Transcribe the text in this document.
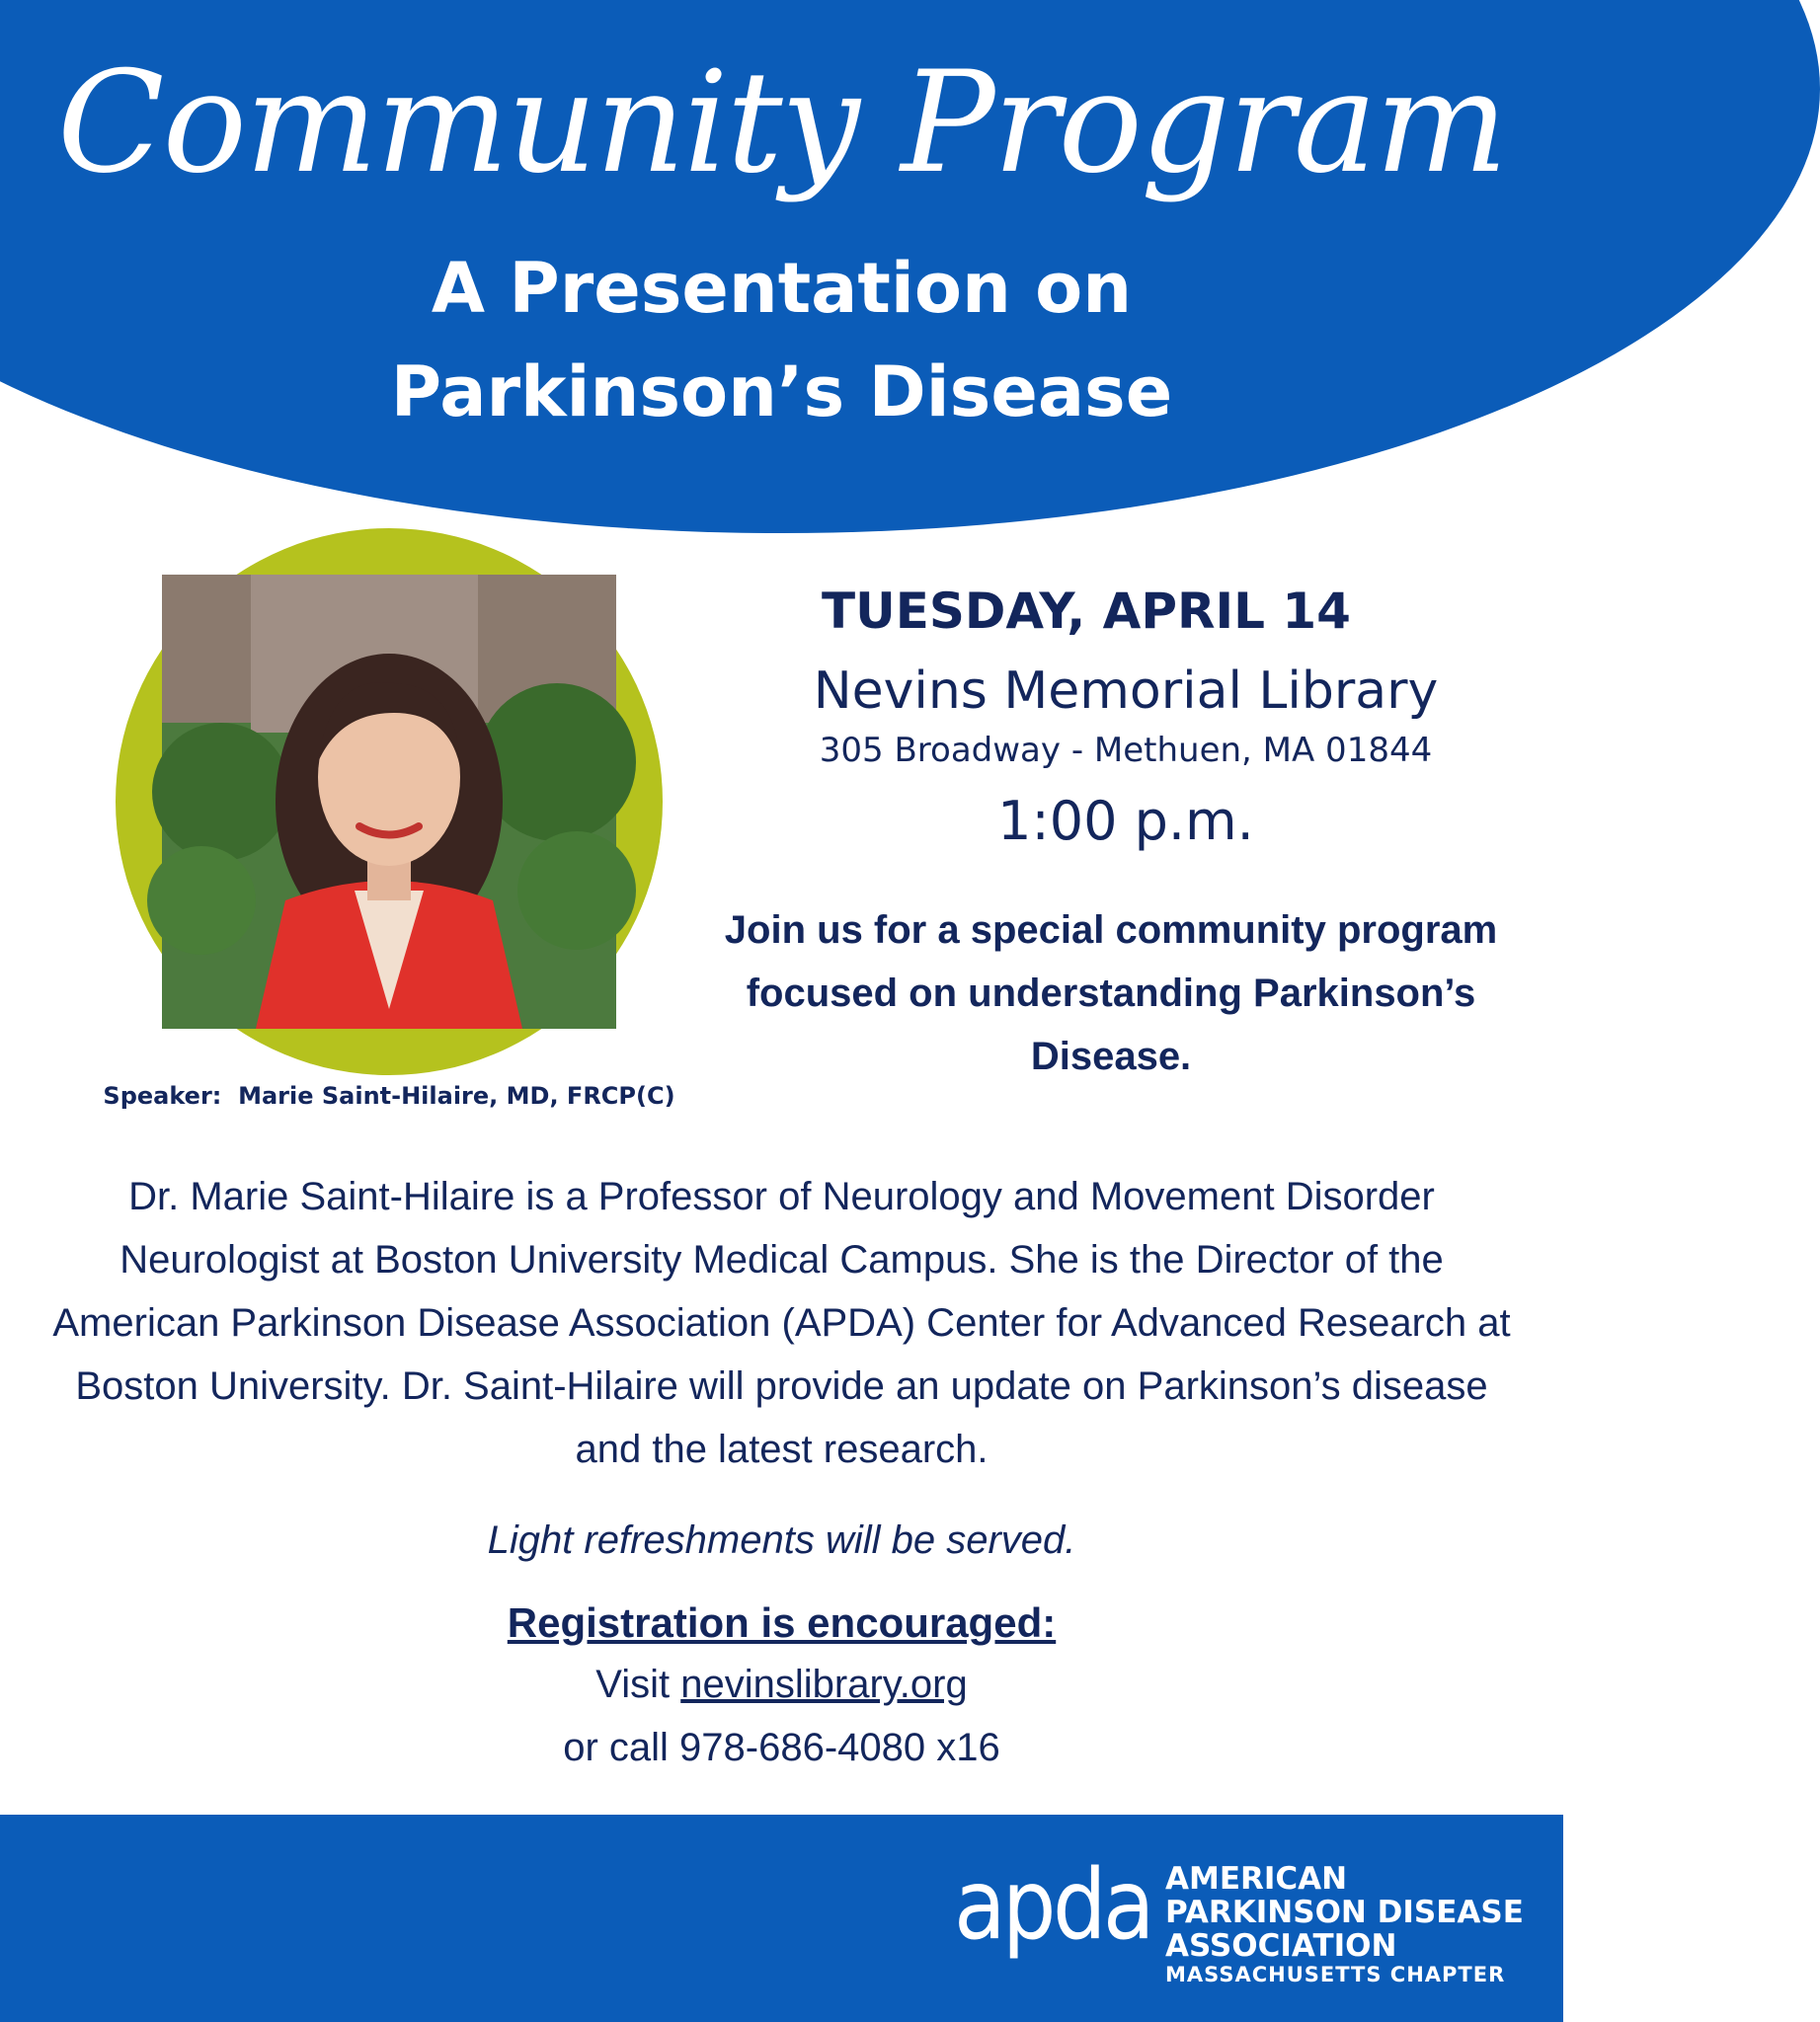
Community Program
A Presentation on
Parkinson’s Disease
Speaker:  Marie Saint-Hilaire, MD, FRCP(C)
TUESDAY, APRIL 14
Nevins Memorial Library
305 Broadway - Methuen, MA 01844
1:00 p.m.
Join us for a special community program focused on understanding Parkinson’s Disease.
Dr. Marie Saint-Hilaire is a Professor of Neurology and Movement Disorder Neurologist at Boston University Medical Campus. She is the Director of the American Parkinson Disease Association (APDA) Center for Advanced Research at Boston University. Dr. Saint-Hilaire will provide an update on Parkinson’s disease and the latest research.
Light refreshments will be served.
Registration is encouraged:
Visit nevinslibrary.org
or call 978-686-4080 x16
apda AMERICAN
PARKINSON DISEASE
ASSOCIATION
MASSACHUSETTS CHAPTER
